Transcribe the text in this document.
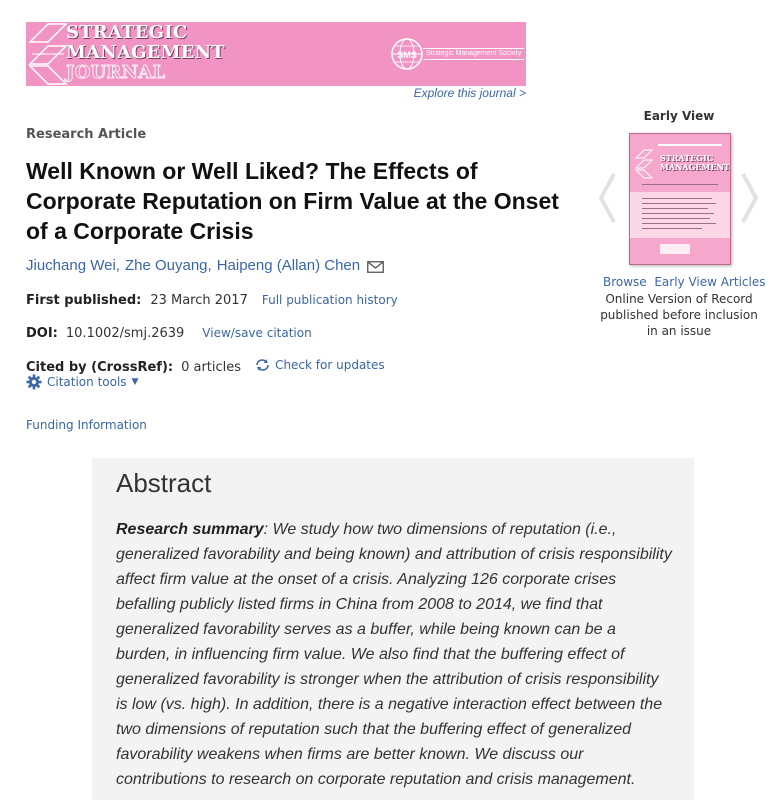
SMS
STRATEGIC
MANAGEMENT
JOURNAL
Strategic Management Society
Explore this journal >
Research Article
Well Known or Well Liked? The Effects of Corporate Reputation on Firm Value at the Onset of a Corporate Crisis
Jiuchang Wei , Zhe Ouyang , Haipeng (Allan) Chen
First published: 23 March 2017 Full publication history
DOI: 10.1002/smj.2639 View/save citation
Cited by (CrossRef): 0 articles	Check for updates
Citation tools ▼
Funding Information
Early View
STRATEGIC
MANAGEMENT
Browse  Early View Articles
Online Version of Record published before inclusion in an issue
Abstract

Research summary: We study how two dimensions of reputation (i.e., generalized favorability and being known) and attribution of crisis responsibility affect firm value at the onset of a crisis. Analyzing 126 corporate crises befalling publicly listed firms in China from 2008 to 2014, we find that generalized favorability serves as a buffer, while being known can be a burden, in influencing firm value. We also find that the buffering effect of generalized favorability is stronger when the attribution of crisis responsibility is low (vs. high). In addition, there is a negative interaction effect between the two dimensions of reputation such that the buffering effect of generalized favorability weakens when firms are better known. We discuss our contributions to research on corporate reputation and crisis management.
